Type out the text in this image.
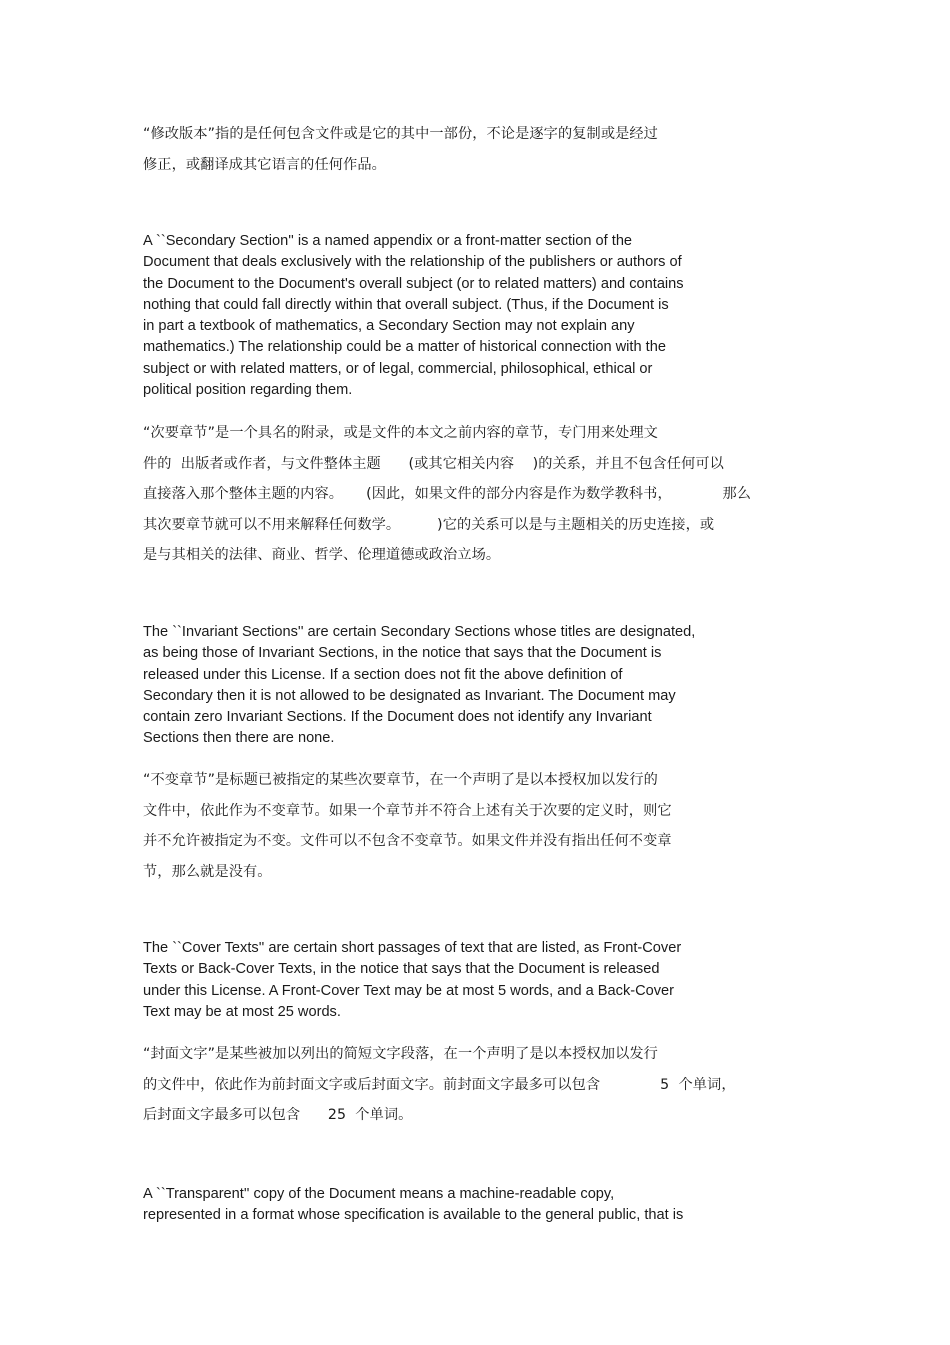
“修改版本”指的是任何包含文件或是它的其中一部份，不论是逐字的复制或是经过
修正，或翻译成其它语言的任何作品。
A ``Secondary Section'' is a named appendix or a front-matter section of the
Document that deals exclusively with the relationship of the publishers or authors of
the Document to the Document's overall subject (or to related matters) and contains
nothing that could fall directly within that overall subject. (Thus, if the Document is
in part a textbook of mathematics, a Secondary Section may not explain any
mathematics.) The relationship could be a matter of historical connection with the
subject or with related matters, or of legal, commercial, philosophical, ethical or
political position regarding them.
“次要章节”是一个具名的附录，或是文件的本文之前内容的章节，专门用来处理文
件的  出版者或作者，与文件整体主题      (或其它相关内容    )的关系，并且不包含任何可以
直接落入那个整体主题的内容。     (因此，如果文件的部分内容是作为数学教科书，           那么
其次要章节就可以不用来解释任何数学。        )它的关系可以是与主题相关的历史连接，或
是与其相关的法律、商业、哲学、伦理道德或政治立场。
The ``Invariant Sections'' are certain Secondary Sections whose titles are designated,
as being those of Invariant Sections, in the notice that says that the Document is
released under this License. If a section does not fit the above definition of
Secondary then it is not allowed to be designated as Invariant. The Document may
contain zero Invariant Sections. If the Document does not identify any Invariant
Sections then there are none.
“不变章节”是标题已被指定的某些次要章节，在一个声明了是以本授权加以发行的
文件中，依此作为不变章节。如果一个章节并不符合上述有关于次要的定义时，则它
并不允许被指定为不变。文件可以不包含不变章节。如果文件并没有指出任何不变章
节，那么就是没有。
The ``Cover Texts'' are certain short passages of text that are listed, as Front-Cover
Texts or Back-Cover Texts, in the notice that says that the Document is released
under this License. A Front-Cover Text may be at most 5 words, and a Back-Cover
Text may be at most 25 words.
“封面文字”是某些被加以列出的简短文字段落，在一个声明了是以本授权加以发行
的文件中，依此作为前封面文字或后封面文字。前封面文字最多可以包含             5  个单词，
后封面文字最多可以包含      25  个单词。
A ``Transparent'' copy of the Document means a machine-readable copy,
represented in a format whose specification is available to the general public, that is
